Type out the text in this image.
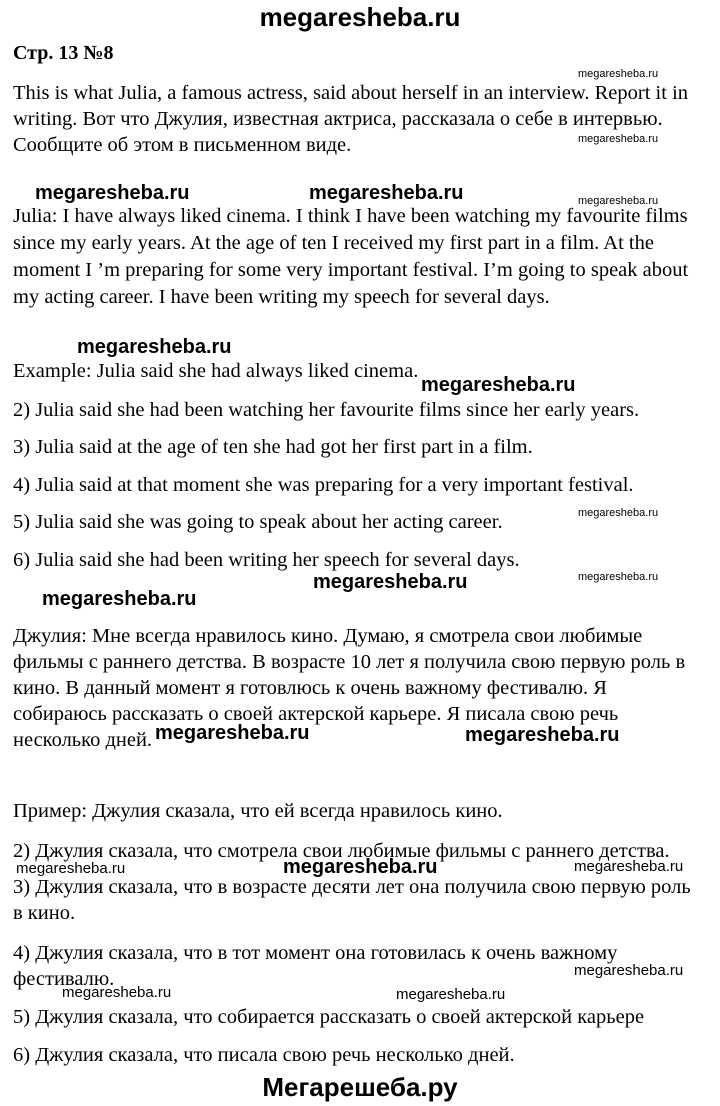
megaresheba.ru
Стр. 13 №8
This is what Julia, a famous actress, said about herself in an interview. Report it in
writing. Вот что Джулия, известная актриса, рассказала о себе в интервью.
Сообщите об этом в письменном виде.
Julia: I have always liked cinema. I think I have been watching my favourite films
since my early years. At the age of ten I received my first part in a film. At the
moment I ’m preparing for some very important festival. I’m going to speak about
my acting career. I have been writing my speech for several days.
Example: Julia said she had always liked cinema.
2) Julia said she had been watching her favourite films since her early years.
3) Julia said at the age of ten she had got her first part in a film.
4) Julia said at that moment she was preparing for a very important festival.
5) Julia said she was going to speak about her acting career.
6) Julia said she had been writing her speech for several days.
Джулия: Мне всегда нравилось кино. Думаю, я смотрела свои любимые
фильмы с раннего детства. В возрасте 10 лет я получила свою первую роль в
кино. В данный момент я готовлюсь к очень важному фестивалю. Я
собираюсь рассказать о своей актерской карьере. Я писала свою речь
несколько дней.
Пример: Джулия сказала, что ей всегда нравилось кино.
2) Джулия сказала, что смотрела свои любимые фильмы с раннего детства.
3) Джулия сказала, что в возрасте десяти лет она получила свою первую роль
в кино.
4) Джулия сказала, что в тот момент она готовилась к очень важному
фестивалю.
5) Джулия сказала, что собирается рассказать о своей актерской карьере
6) Джулия сказала, что писала свою речь несколько дней.
megaresheba.ru
megaresheba.ru
megaresheba.ru	megaresheba.ru	megaresheba.ru
megaresheba.ru
megaresheba.ru
megaresheba.ru
megaresheba.ru	megaresheba.ru
megaresheba.ru
megaresheba.ru	megaresheba.ru
megaresheba.ru	megaresheba.ru	megaresheba.ru
megaresheba.ru
megaresheba.ru	megaresheba.ru
Мегарешеба.ру
